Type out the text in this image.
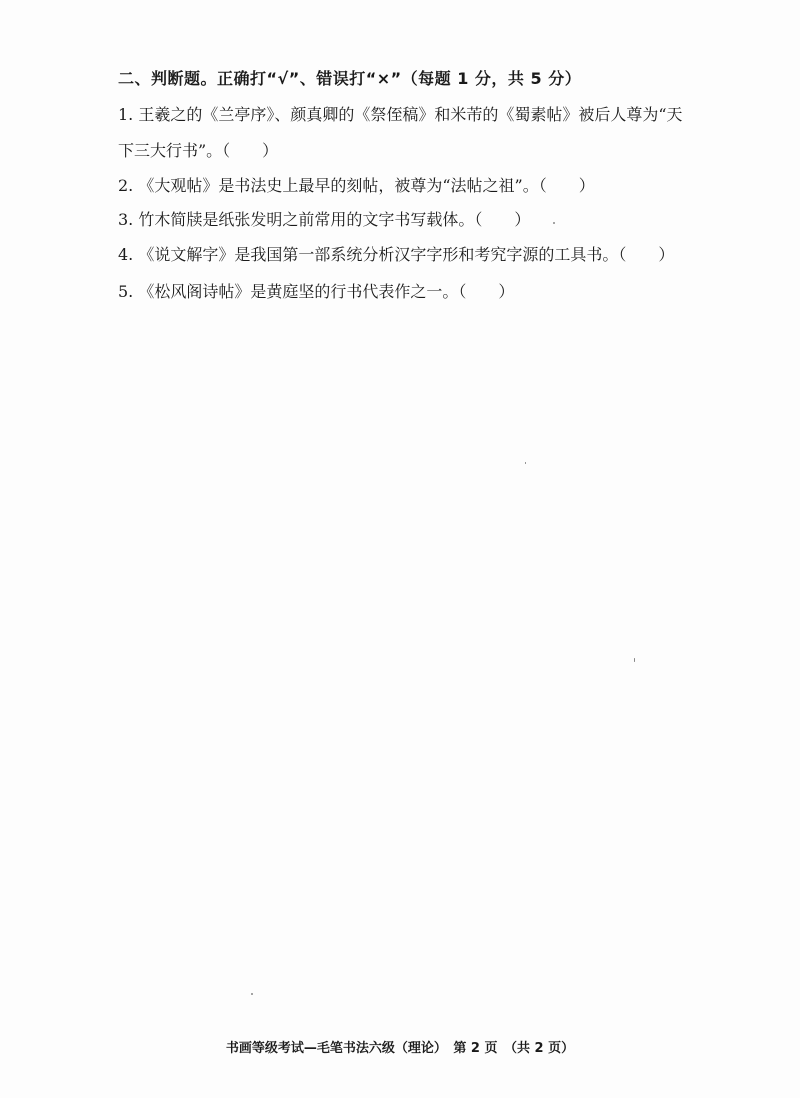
二、判断题。正确打“√”、错误打“×”（每题 1 分，共 5 分）
1. 王羲之的《兰亭序》、颜真卿的《祭侄稿》和米芾的《蜀素帖》被后人尊为“天
下三大行书”。（　　）
2. 《大观帖》是书法史上最早的刻帖，被尊为“法帖之祖”。（　　）
3. 竹木简牍是纸张发明之前常用的文字书写载体。（　　）
4. 《说文解字》是我国第一部系统分析汉字字形和考究字源的工具书。（　　）
5. 《松风阁诗帖》是黄庭坚的行书代表作之一。（　　）
书画等级考试—毛笔书法六级（理论）　第 2 页　（共 2 页）
